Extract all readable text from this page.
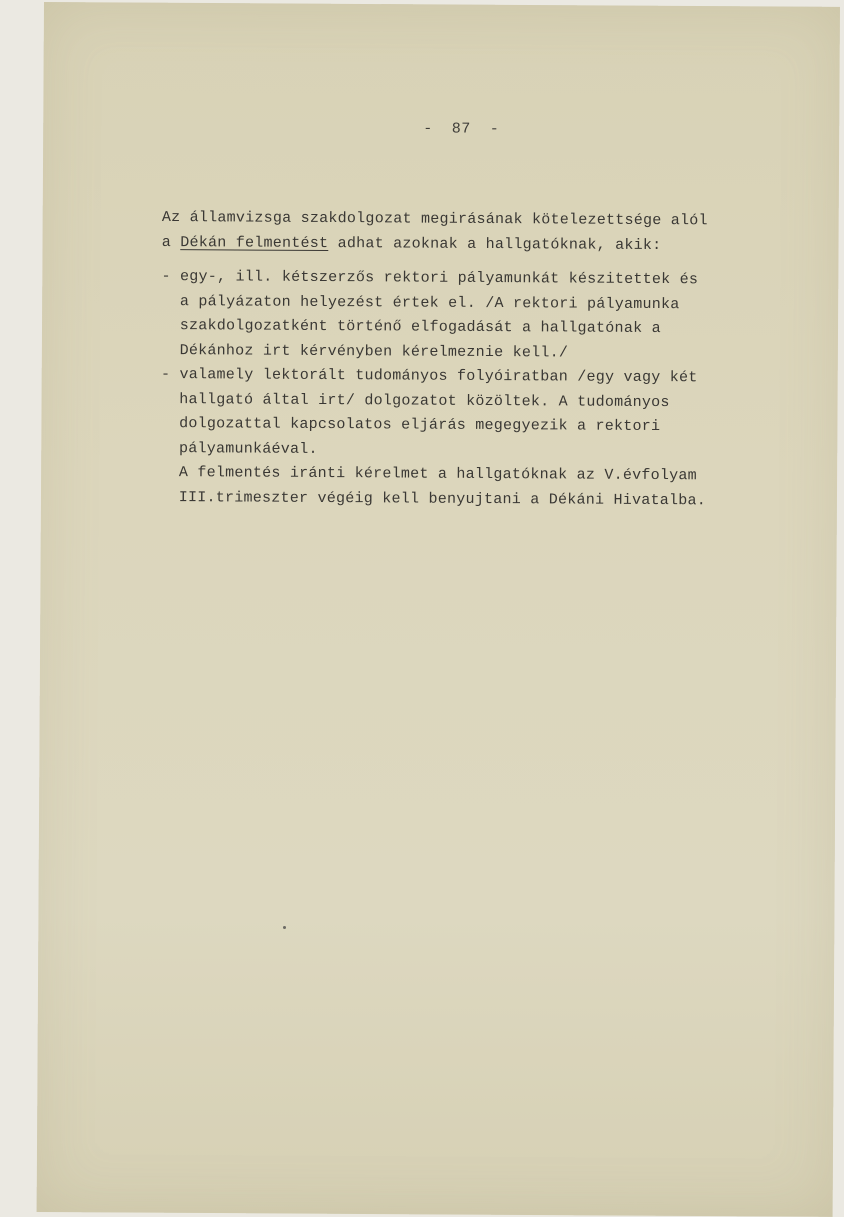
-  87  -
Az államvizsga szakdolgozat megirásának kötelezettsége alól
a Dékán felmentést adhat azoknak a hallgatóknak, akik:
- egy-, ill. kétszerzős rektori pályamunkát készitettek és
a pályázaton helyezést értek el. /A rektori pályamunka
szakdolgozatként történő elfogadását a hallgatónak a
Dékánhoz irt kérvényben kérelmeznie kell./
- valamely lektorált tudományos folyóiratban /egy vagy két
hallgató által irt/ dolgozatot közöltek. A tudományos
dolgozattal kapcsolatos eljárás megegyezik a rektori
pályamunkáéval.
A felmentés iránti kérelmet a hallgatóknak az V.évfolyam
III.trimeszter végéig kell benyujtani a Dékáni Hivatalba.
